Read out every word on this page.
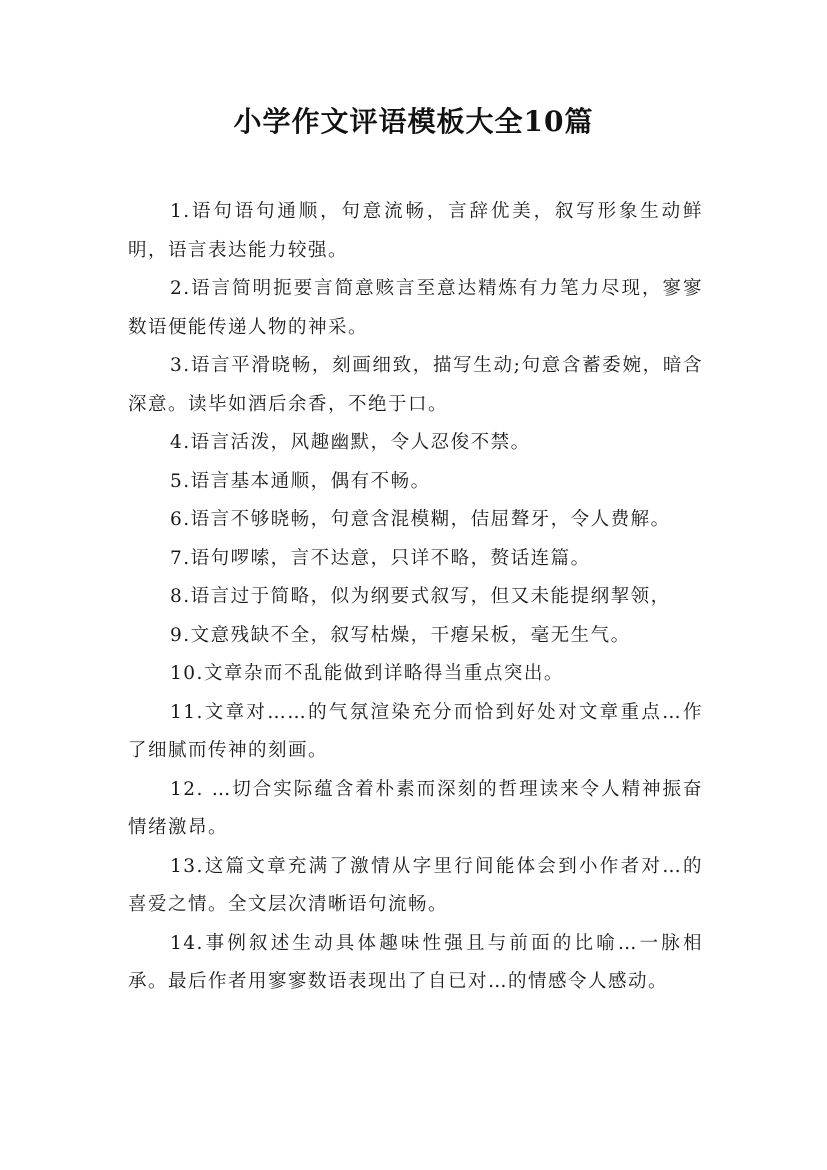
小学作文评语模板大全10篇

1.语句语句通顺，句意流畅，言辞优美，叙写形象生动鲜明，语言表达能力较强。

2.语言简明扼要言简意赅言至意达精炼有力笔力尽现，寥寥数语便能传递人物的神采。

3.语言平滑晓畅，刻画细致，描写生动;句意含蓄委婉，暗含深意。读毕如酒后余香，不绝于口。

4.语言活泼，风趣幽默，令人忍俊不禁。

5.语言基本通顺，偶有不畅。

6.语言不够晓畅，句意含混模糊，佶屈聱牙，令人费解。

7.语句啰嗦，言不达意，只详不略，赘话连篇。

8.语言过于简略，似为纲要式叙写，但又未能提纲挈领，

9.文意残缺不全，叙写枯燥，干瘪呆板，毫无生气。

10.文章杂而不乱能做到详略得当重点突出。

11.文章对……的气氛渲染充分而恰到好处对文章重点…作了细腻而传神的刻画。

12. …切合实际蕴含着朴素而深刻的哲理读来令人精神振奋情绪激昂。

13.这篇文章充满了激情从字里行间能体会到小作者对…的喜爱之情。全文层次清晰语句流畅。

14.事例叙述生动具体趣味性强且与前面的比喻…一脉相承。最后作者用寥寥数语表现出了自已对…的情感令人感动。
